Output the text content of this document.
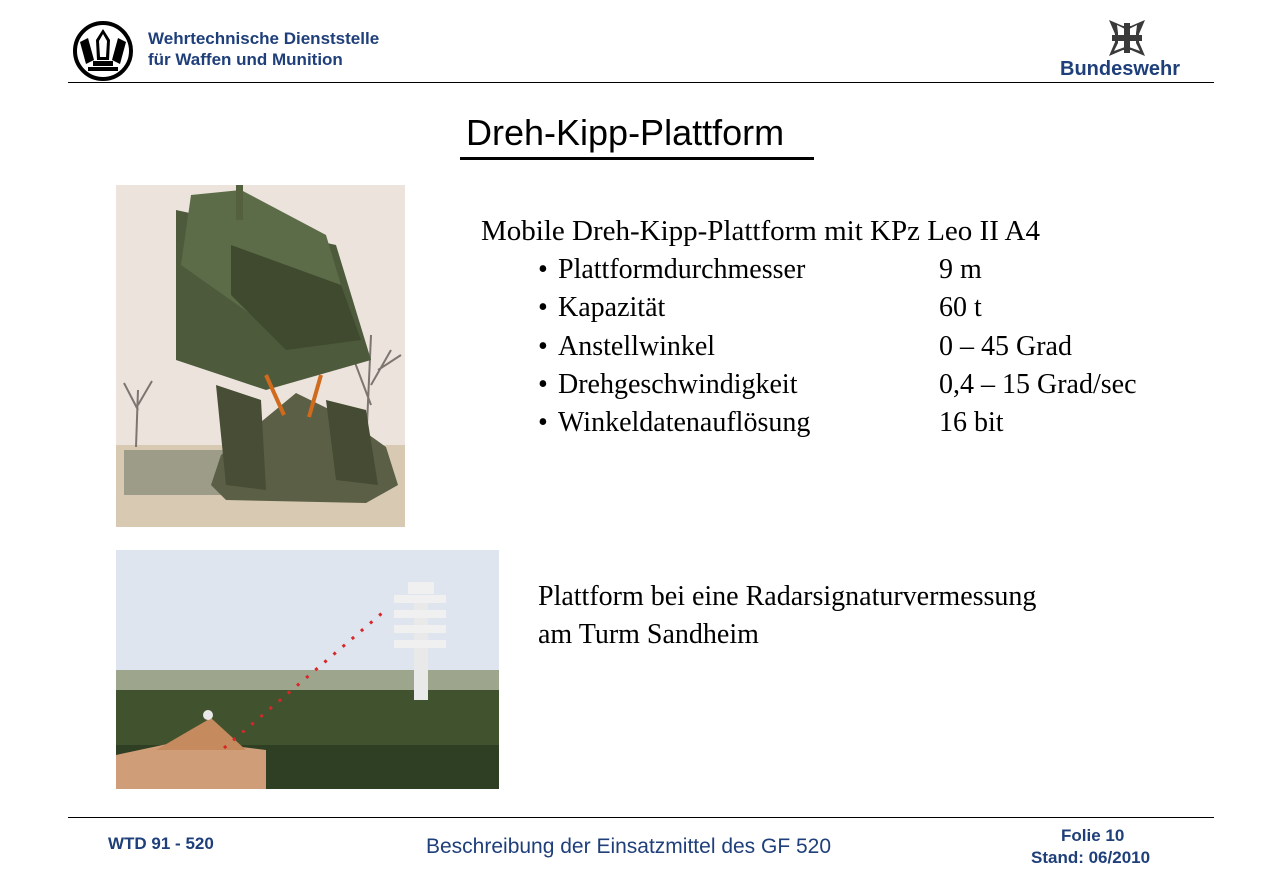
Wehrtechnische Dienststelle
für Waffen und Munition	Bundeswehr
Dreh-Kipp-Plattform
Mobile Dreh-Kipp-Plattform mit KPz Leo II A4
• Plattformdurchmesser	9 m
• Kapazität	60 t
• Anstellwinkel	0 – 45 Grad
• Drehgeschwindigkeit	0,4 – 15 Grad/sec
• Winkeldatenauflösung	16 bit
Plattform bei eine Radarsignaturvermessung
am Turm Sandheim
WTD 91 - 520	Beschreibung der Einsatzmittel des GF 520	Folie 10
Stand: 06/2010
